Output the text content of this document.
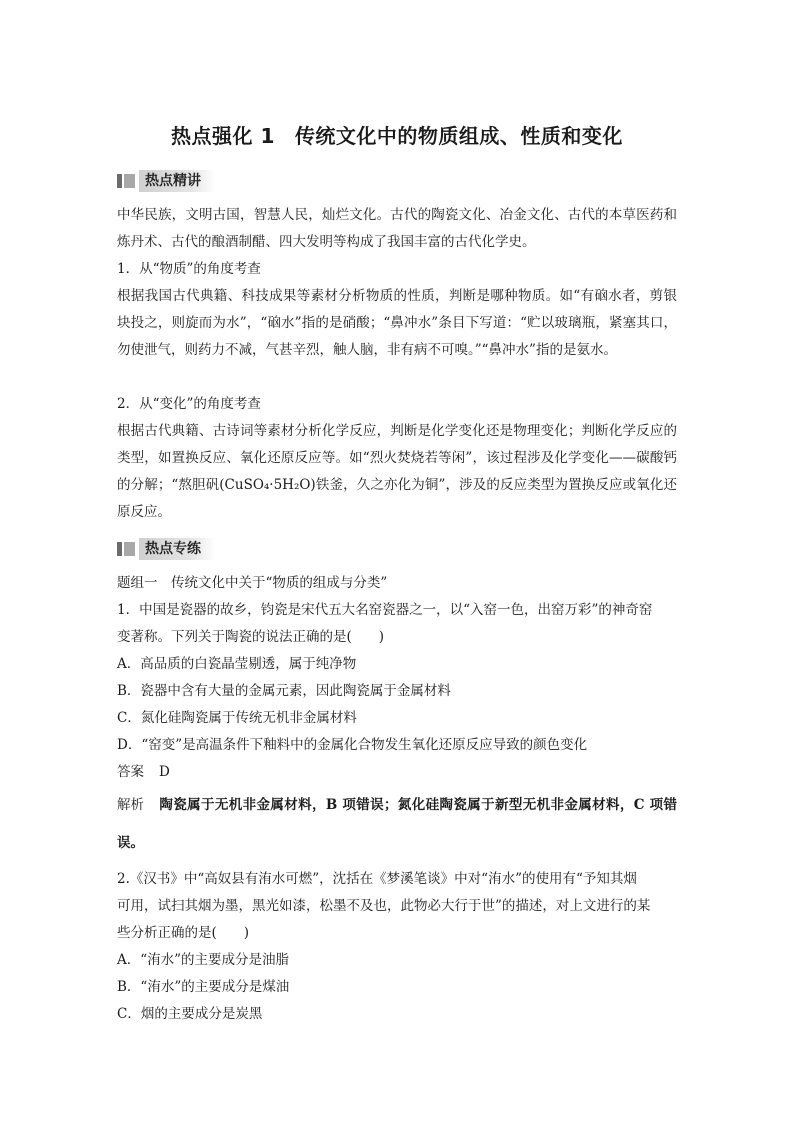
热点强化 1 传统文化中的物质组成、性质和变化
热点精讲

中华民族，文明古国，智慧人民，灿烂文化。古代的陶瓷文化、冶金文化、古代的本草医药和炼丹术、古代的酿酒制醋、四大发明等构成了我国丰富的古代化学史。

1．从“物质”的角度考查

根据我国古代典籍、科技成果等素材分析物质的性质，判断是哪种物质。如“有硇水者，剪银块投之，则旋而为水”，“硇水”指的是硝酸；“鼻冲水”条目下写道：“贮以玻璃瓶，紧塞其口，勿使泄气，则药力不减，气甚辛烈，触人脑，非有病不可嗅。”“鼻冲水”指的是氨水。

2．从“变化”的角度考查

根据古代典籍、古诗词等素材分析化学反应，判断是化学变化还是物理变化；判断化学反应的类型，如置换反应、氧化还原反应等。如“烈火焚烧若等闲”，该过程涉及化学变化——碳酸钙的分解；“熬胆矾(CuSO₄·5H₂O)铁釜，久之亦化为铜”，涉及的反应类型为置换反应或氧化还原反应。

热点专练
题组一　传统文化中关于“物质的组成与分类”
1．中国是瓷器的故乡，钧瓷是宋代五大名窑瓷器之一，以“入窑一色，出窑万彩”的神奇窑
变著称。下列关于陶瓷的说法正确的是(　　)
A．高品质的白瓷晶莹剔透，属于纯净物
B．瓷器中含有大量的金属元素，因此陶瓷属于金属材料
C．氮化硅陶瓷属于传统无机非金属材料
D．“窑变”是高温条件下釉料中的金属化合物发生氧化还原反应导致的颜色变化
答案 D

解析 陶瓷属于无机非金属材料，B 项错误；氮化硅陶瓷属于新型无机非金属材料，C 项错误。

2.《汉书》中“高奴县有洧水可燃”，沈括在《梦溪笔谈》中对“洧水”的使用有“予知其烟
可用，试扫其烟为墨，黑光如漆，松墨不及也，此物必大行于世”的描述，对上文进行的某
些分析正确的是(　　)
A．“洧水”的主要成分是油脂
B．“洧水”的主要成分是煤油
C．烟的主要成分是炭黑
